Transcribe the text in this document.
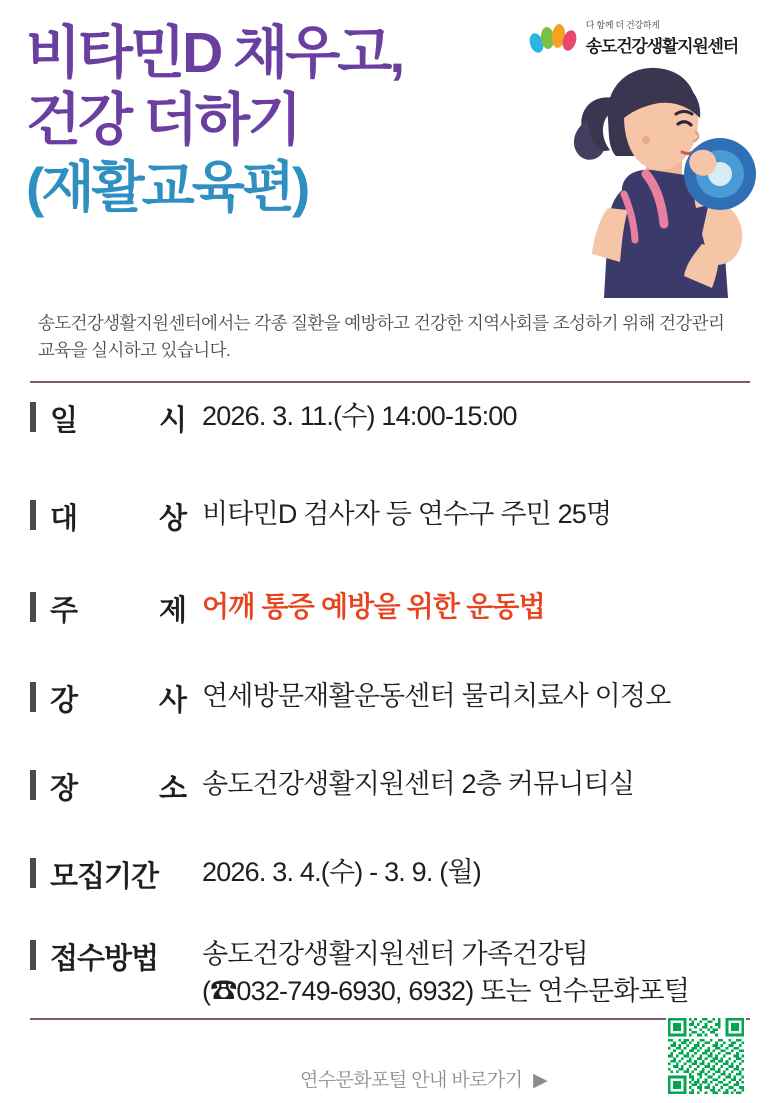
다 함께 더 건강하게
송도건강생활지원센터
비타민D 채우고,
건강 더하기
(재활교육편)
송도건강생활지원센터에서는 각종 질환을 예방하고 건강한 지역사회를 조성하기 위해 건강관리 교육을 실시하고 있습니다.
일	시 2026. 3. 11.(수) 14:00-15:00
대	상 비타민D 검사자 등 연수구 주민 25명
주	제 어깨 통증 예방을 위한 운동법
강	사 연세방문재활운동센터 물리치료사 이정오
장	소 송도건강생활지원센터 2층 커뮤니티실
모집기간	2026. 3. 4.(수) - 3. 9. (월)
접수방법	송도건강생활지원센터 가족건강팀
(☎032-749-6930, 6932) 또는 연수문화포털
연수문화포털 안내 바로가기 ▶
